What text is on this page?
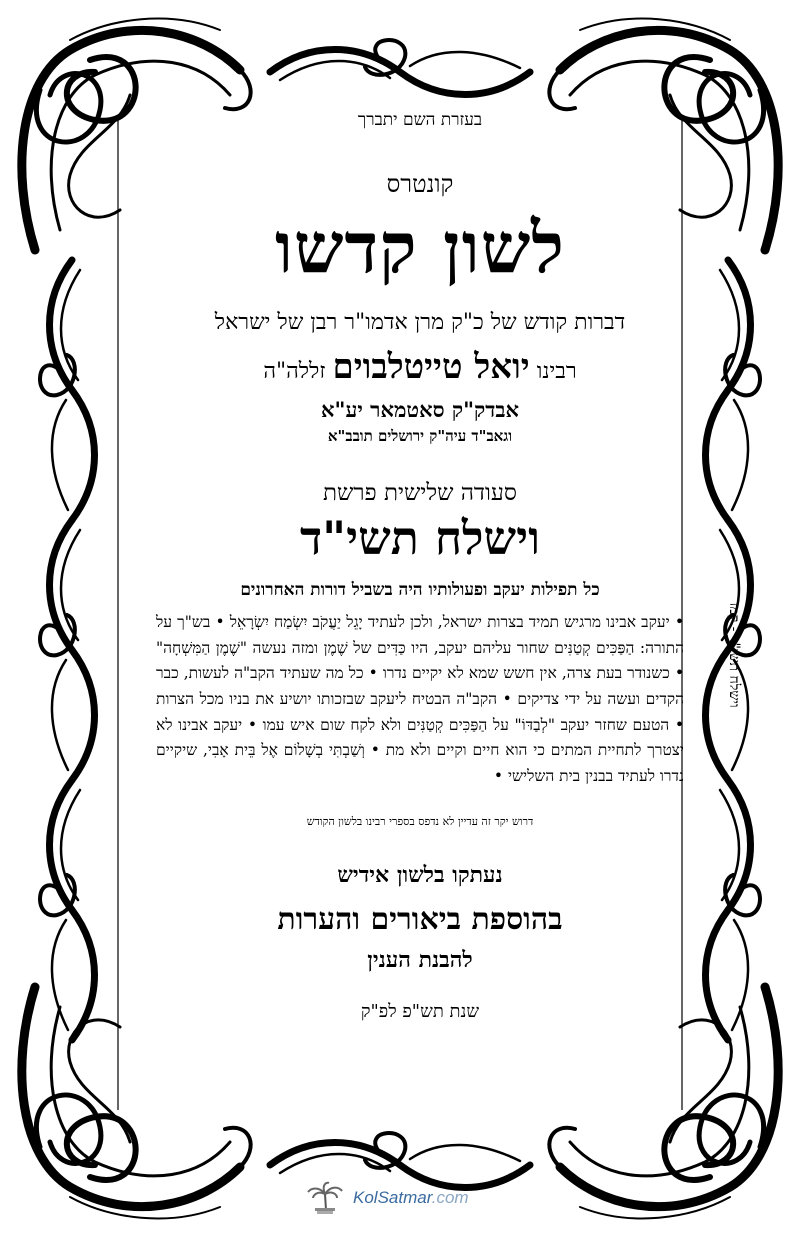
וישלח תשי"ד - קמז
בעזרת השם יתברך
קונטרס
לשון קדשו
דברות קודש של כ"ק מרן אדמו"ר רבן של ישראל
רבינו יואל טייטלבוים זללה"ה
אבדק"ק סאטמאר יע"א
וגאב"ד עיה"ק ירושלים תובב"א
סעודה שלישית פרשת
וישלח תשי"ד
כל תפילות יעקב ופעולותיו היה בשביל דורות האחרונים
• יעקב אבינו מרגיש תמיד בצרות ישראל, ולכן לעתיד יָגֵל יַעֲקֹב יִשְׂמַח יִשְׂרָאֵל • בש"ך על התורה: הַפַּכִּים קְטַנִּים שחור עליהם יעקב, היו כַּדִּים של שֶׁמֶן ומזה נעשה "שֶׁמֶן הַמִּשְׁחָה" • כשנודר בעת צרה, אין חשש שמא לא יקיים נדרו • כל מה שעתיד הקב"ה לעשות, כבר הקדים ועשה על ידי צדיקים • הקב"ה הבטיח ליעקב שבזכותו יושיע את בניו מכל הצרות • הטעם שחזר יעקב "לְבַדּוֹ" על הַפַּכִּים קְטַנִּים ולא לקח שום איש עמו • יעקב אבינו לא יצטרך לתחיית המתים כי הוא חיים וקיים ולא מת • וְשַׁבְתִּי בְשָׁלוֹם אֶל בֵּית אָבִי, שיקיים נדרו לעתיד בבנין בית השלישי •
דרוש יקר זה עדיין לא נדפס בספרי רבינו בלשון הקודש
נעתקו בלשון אידיש
בהוספת ביאורים והערות
להבנת הענין
שנת תש"פ לפ"ק
KolSatmar.com
